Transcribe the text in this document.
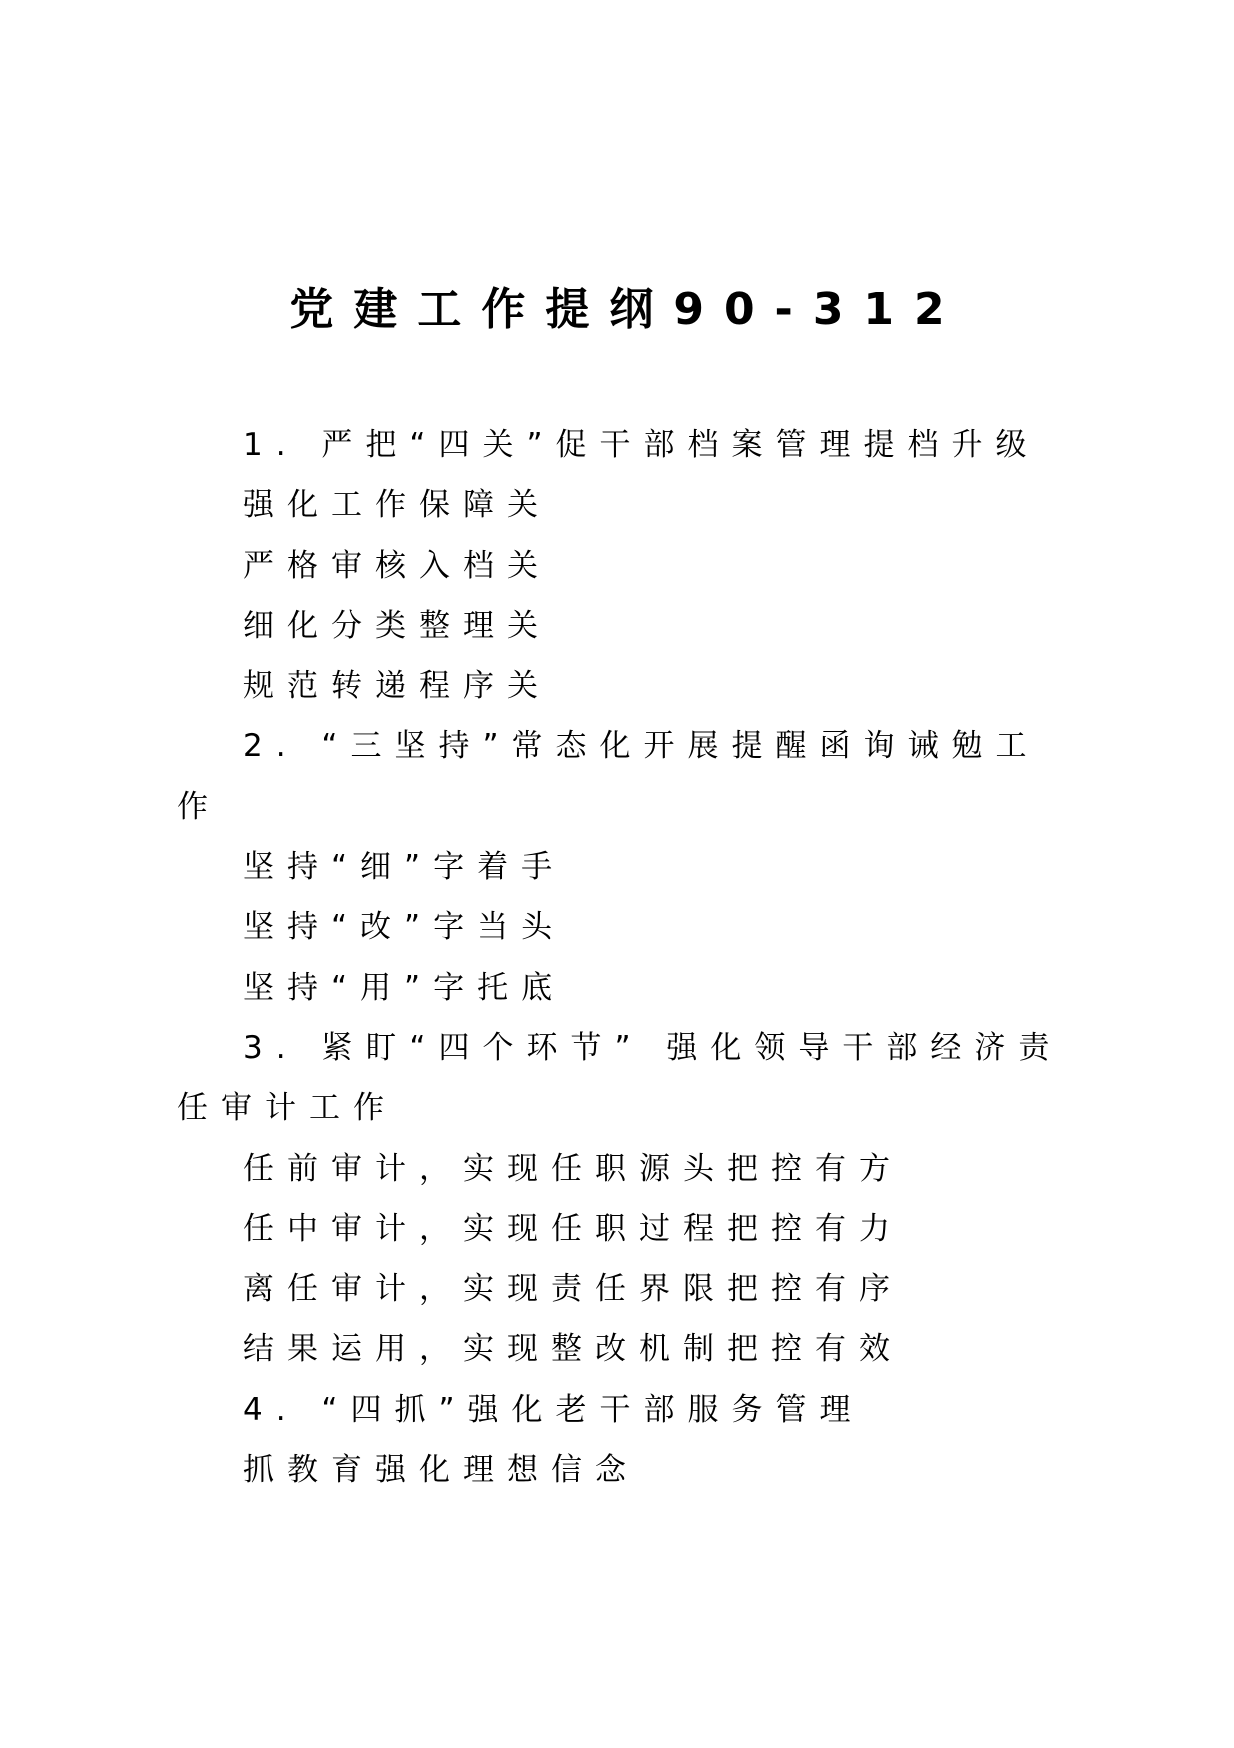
党建工作提纲90-312
1. 严把“四关”促干部档案管理提档升级
强化工作保障关
严格审核入档关
细化分类整理关
规范转递程序关
2. “三坚持”常态化开展提醒函询诫勉工
作
坚持“细”字着手
坚持“改”字当头
坚持“用”字托底
3. 紧盯“四个环节” 强化领导干部经济责
任审计工作
任前审计，实现任职源头把控有方
任中审计，实现任职过程把控有力
离任审计，实现责任界限把控有序
结果运用，实现整改机制把控有效
4. “四抓”强化老干部服务管理
抓教育强化理想信念
